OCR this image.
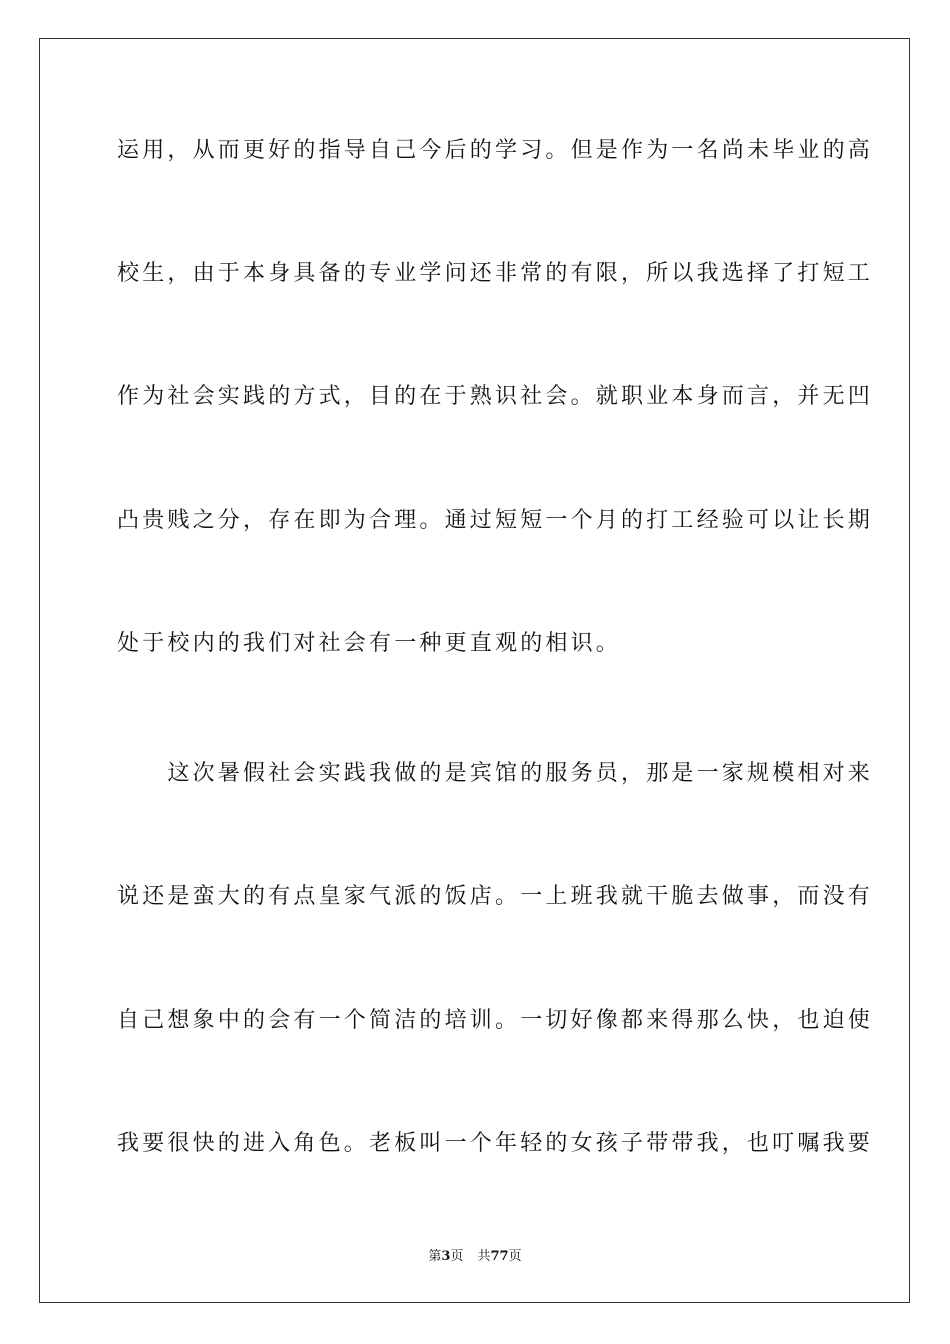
运用，从而更好的指导自己今后的学习。但是作为一名尚未毕业的高
校生，由于本身具备的专业学问还非常的有限，所以我选择了打短工
作为社会实践的方式，目的在于熟识社会。就职业本身而言，并无凹
凸贵贱之分，存在即为合理。通过短短一个月的打工经验可以让长期
处于校内的我们对社会有一种更直观的相识。
　　这次暑假社会实践我做的是宾馆的服务员，那是一家规模相对来
说还是蛮大的有点皇家气派的饭店。一上班我就干脆去做事，而没有
自己想象中的会有一个简洁的培训。一切好像都来得那么快，也迫使
我要很快的进入角色。老板叫一个年轻的女孩子带带我，也叮嘱我要
第3页 共77页
